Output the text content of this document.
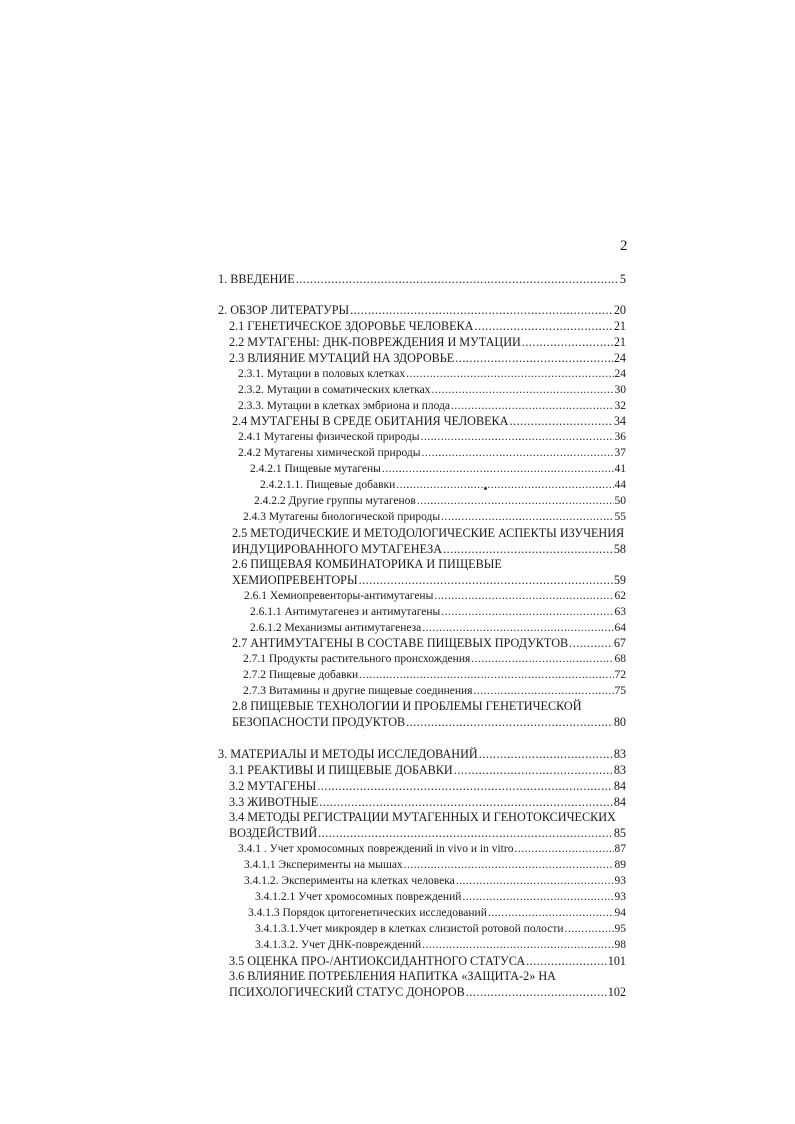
2
1. ВВЕДЕНИЕ .....	5
2. ОБЗОР ЛИТЕРАТУРЫ .....	20
2.1 ГЕНЕТИЧЕСКОЕ ЗДОРОВЬЕ ЧЕЛОВЕКА .....	21
2.2 МУТАГЕНЫ: ДНК-ПОВРЕЖДЕНИЯ И МУТАЦИИ .....	21
2.3 ВЛИЯНИЕ МУТАЦИЙ НА ЗДОРОВЬЕ .....	24
2.3.1. Мутации в половых клетках .....	24
2.3.2. Мутации в соматических клетках .....	30
2.3.3. Мутации в клетках эмбриона и плода .....	32
2.4 МУТАГЕНЫ В СРЕДЕ ОБИТАНИЯ ЧЕЛОВЕКА .....	34
2.4.1 Мутагены физической природы .....	36
2.4.2 Мутагены химической природы .....	37
2.4.2.1 Пищевые мутагены .....	41
2.4.2.1.1. Пищевые добавки .....	44
2.4.2.2 Другие группы мутагенов .....	50
2.4.3 Мутагены биологической природы .....	55
2.5 МЕТОДИЧЕСКИЕ И МЕТОДОЛОГИЧЕСКИЕ АСПЕКТЫ ИЗУЧЕНИЯ
ИНДУЦИРОВАННОГО МУТАГЕНЕЗА .....	58
2.6 ПИЩЕВАЯ КОМБИНАТОРИКА И ПИЩЕВЫЕ
ХЕМИОПРЕВЕНТОРЫ .....	59
2.6.1 Хемиопревенторы-антимутагены .....	62
2.6.1.1 Антимутагенез и антимутагены .....	63
2.6.1.2 Механизмы антимутагенеза .....	64
2.7 АНТИМУТАГЕНЫ В СОСТАВЕ ПИЩЕВЫХ ПРОДУКТОВ .....	67
2.7.1 Продукты растительного происхождения .....	68
2.7.2 Пищевые добавки .....	72
2.7.3 Витамины и другие пищевые соединения .....	75
2.8 ПИЩЕВЫЕ ТЕХНОЛОГИИ И ПРОБЛЕМЫ ГЕНЕТИЧЕСКОЙ
БЕЗОПАСНОСТИ ПРОДУКТОВ .....	80
3. МАТЕРИАЛЫ И МЕТОДЫ ИССЛЕДОВАНИЙ .....	83
3.1 РЕАКТИВЫ И ПИЩЕВЫЕ ДОБАВКИ .....	83
3.2 МУТАГЕНЫ .....	84
3.3 ЖИВОТНЫЕ .....	84
3.4 МЕТОДЫ РЕГИСТРАЦИИ МУТАГЕННЫХ И ГЕНОТОКСИЧЕСКИХ
ВОЗДЕЙСТВИЙ .....	85
3.4.1 . Учет хромосомных повреждений in vivo и in vitro .....	87
3.4.1.1 Эксперименты на мышах .....	89
3.4.1.2. Эксперименты на клетках человека .....	93
3.4.1.2.1 Учет хромосомных повреждений .....	93
3.4.1.3 Порядок цитогенетических исследований .....	94
3.4.1.3.1.Учет микроядер в клетках слизистой ротовой полости .....	95
3.4.1.3.2. Учет ДНК-повреждений .....	98
3.5 ОЦЕНКА ПРО-/АНТИОКСИДАНТНОГО СТАТУСА .....	101
3.6 ВЛИЯНИЕ ПОТРЕБЛЕНИЯ НАПИТКА «ЗАЩИТА-2» НА
ПСИХОЛОГИЧЕСКИЙ СТАТУС ДОНОРОВ .....	102
